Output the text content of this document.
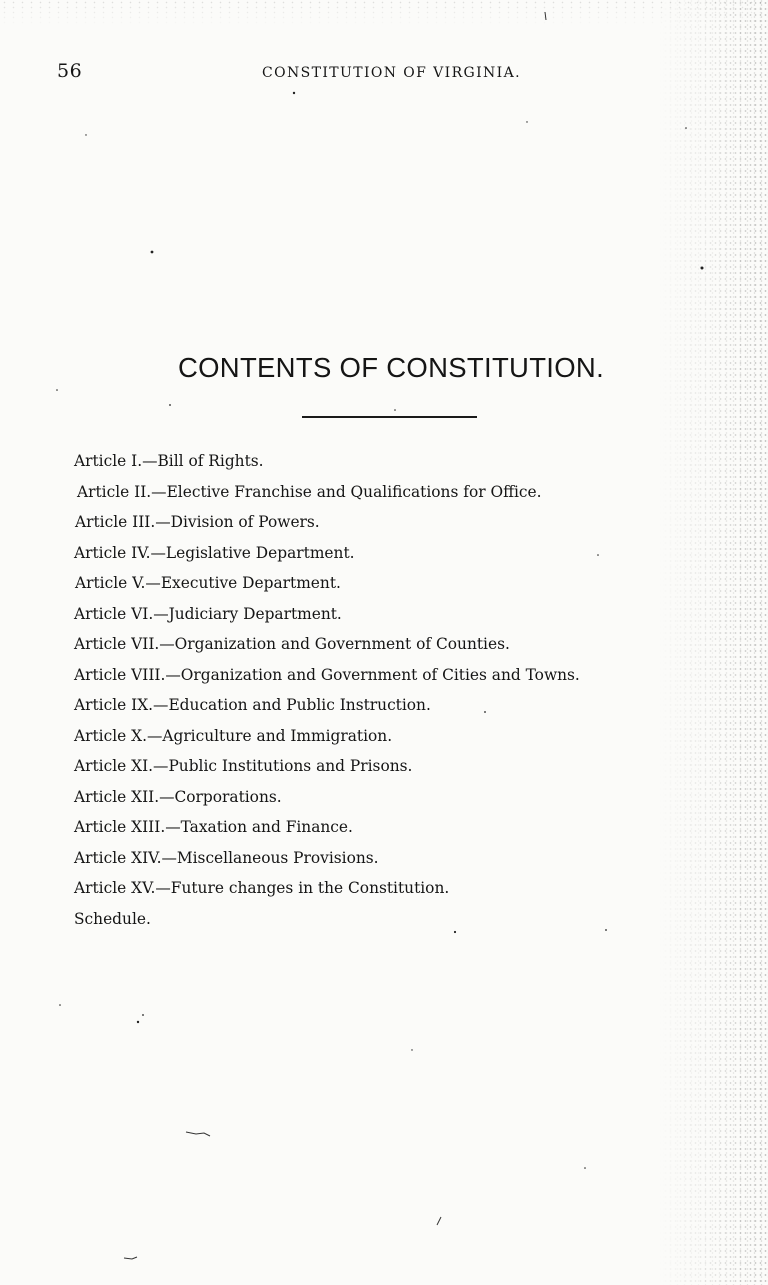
56	CONSTITUTION OF VIRGINIA.
CONTENTS OF CONSTITUTION.
Article I.—Bill of Rights.
Article II.—Elective Franchise and Qualifications for Office.
Article III.—Division of Powers.
Article IV.—Legislative Department.
Article V.—Executive Department.
Article VI.—Judiciary Department.
Article VII.—Organization and Government of Counties.
Article VIII.—Organization and Government of Cities and Towns.
Article IX.—Education and Public Instruction.
Article X.—Agriculture and Immigration.
Article XI.—Public Institutions and Prisons.
Article XII.—Corporations.
Article XIII.—Taxation and Finance.
Article XIV.—Miscellaneous Provisions.
Article XV.—Future changes in the Constitution.
Schedule.
